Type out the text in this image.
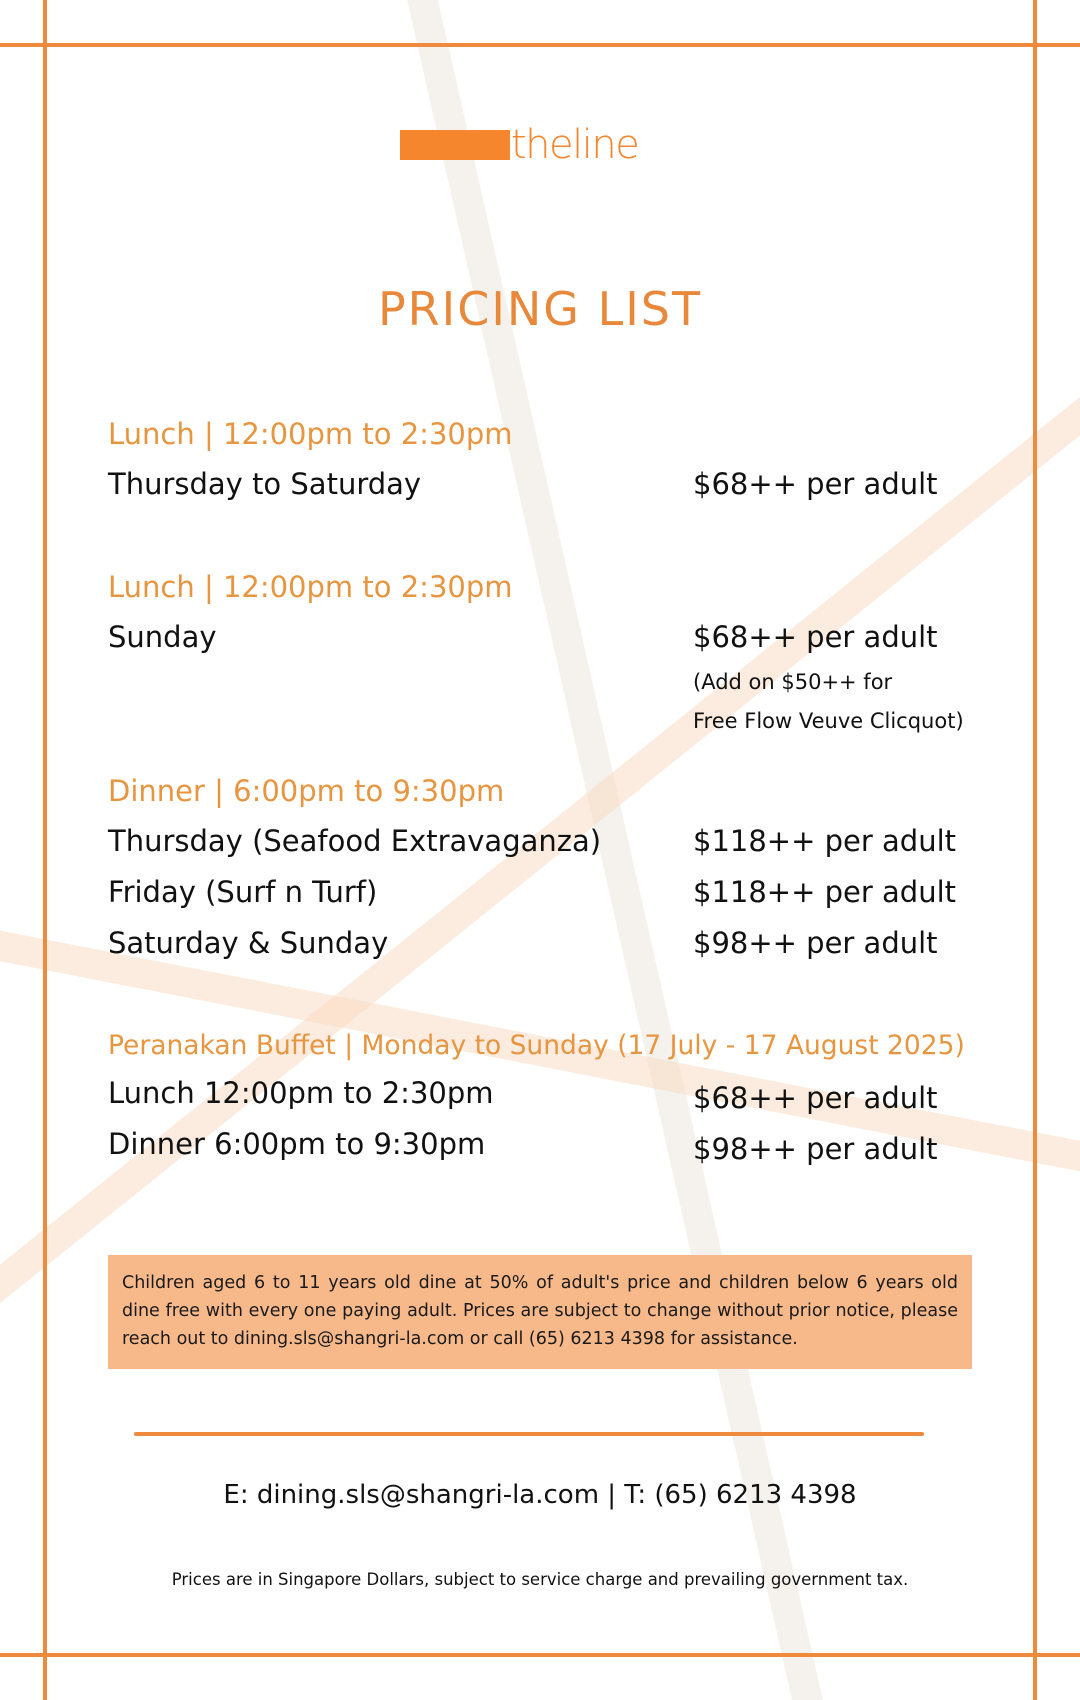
theline
PRICING LIST
Lunch | 12:00pm to 2:30pm
Thursday to Saturday	$68++ per adult
Lunch | 12:00pm to 2:30pm
Sunday	$68++ per adult
(Add on $50++ for
Free Flow Veuve Clicquot)
Dinner | 6:00pm to 9:30pm
Thursday (Seafood Extravaganza)	$118++ per adult
Friday (Surf n Turf)	$118++ per adult
Saturday & Sunday	$98++ per adult
Peranakan Buffet | Monday to Sunday (17 July - 17 August 2025)
Lunch 12:00pm to 2:30pm	$68++ per adult
Dinner 6:00pm to 9:30pm	$98++ per adult
Children aged 6 to 11 years old dine at 50% of adult's price and children below 6 years old dine free with every one paying adult. Prices are subject to change without prior notice, please reach out to dining.sls@shangri-la.com or call (65) 6213 4398 for assistance.
E: dining.sls@shangri-la.com | T: (65) 6213 4398
Prices are in Singapore Dollars, subject to service charge and prevailing government tax.
